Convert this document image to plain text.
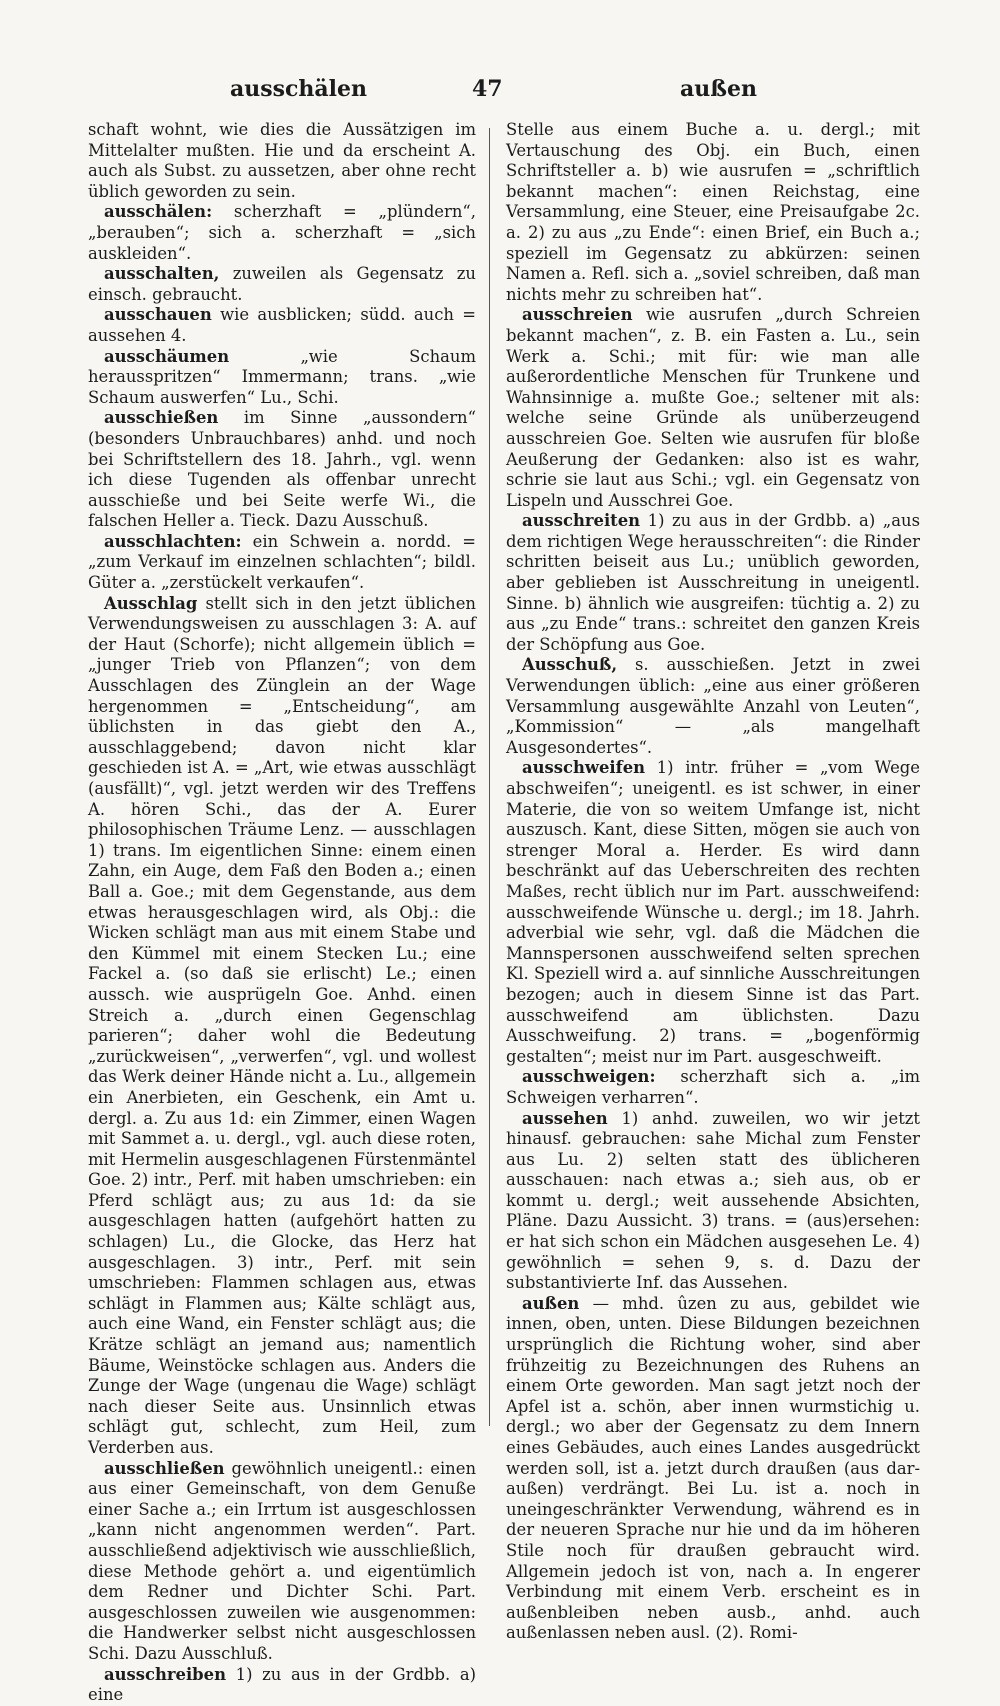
ausschälen	47	außen

schaft wohnt, wie dies die Aussätzigen im Mittelalter mußten. Hie und da erscheint A. auch als Subst. zu aussetzen, aber ohne recht üblich geworden zu sein.

ausschälen: scherzhaft = „plündern“, „berauben“; sich a. scherzhaft = „sich auskleiden“.

ausschalten, zuweilen als Gegensatz zu einsch. gebraucht.

ausschauen wie ausblicken; südd. auch = aussehen 4.

ausschäumen „wie Schaum herausspritzen“ Immermann; trans. „wie Schaum auswerfen“ Lu., Schi.

ausschießen im Sinne „aussondern“ (besonders Unbrauchbares) anhd. und noch bei Schriftstellern des 18. Jahrh., vgl. wenn ich diese Tugenden als offenbar unrecht ausschieße und bei Seite werfe Wi., die falschen Heller a. Tieck. Dazu Ausschuß.

ausschlachten: ein Schwein a. nordd. = „zum Verkauf im einzelnen schlachten“; bildl. Güter a. „zerstückelt verkaufen“.

Ausschlag stellt sich in den jetzt üblichen Verwendungsweisen zu ausschlagen 3: A. auf der Haut (Schorfe); nicht allgemein üblich = „junger Trieb von Pflanzen“; von dem Ausschlagen des Zünglein an der Wage hergenommen = „Entscheidung“, am üblichsten in das giebt den A., ausschlaggebend; davon nicht klar geschieden ist A. = „Art, wie etwas ausschlägt (ausfällt)“, vgl. jetzt werden wir des Treffens A. hören Schi., das der A. Eurer philosophischen Träume Lenz. — ausschlagen 1) trans. Im eigentlichen Sinne: einem einen Zahn, ein Auge, dem Faß den Boden a.; einen Ball a. Goe.; mit dem Gegenstande, aus dem etwas herausgeschlagen wird, als Obj.: die Wicken schlägt man aus mit einem Stabe und den Kümmel mit einem Stecken Lu.; eine Fackel a. (so daß sie erlischt) Le.; einen aussch. wie ausprügeln Goe. Anhd. einen Streich a. „durch einen Gegenschlag parieren“; daher wohl die Bedeutung „zurückweisen“, „verwerfen“, vgl. und wollest das Werk deiner Hände nicht a. Lu., allgemein ein Anerbieten, ein Geschenk, ein Amt u. dergl. a. Zu aus 1d: ein Zimmer, einen Wagen mit Sammet a. u. dergl., vgl. auch diese roten, mit Hermelin ausgeschlagenen Fürstenmäntel Goe. 2) intr., Perf. mit haben umschrieben: ein Pferd schlägt aus; zu aus 1d: da sie ausgeschlagen hatten (aufgehört hatten zu schlagen) Lu., die Glocke, das Herz hat ausgeschlagen. 3) intr., Perf. mit sein umschrieben: Flammen schlagen aus, etwas schlägt in Flammen aus; Kälte schlägt aus, auch eine Wand, ein Fenster schlägt aus; die Krätze schlägt an jemand aus; namentlich Bäume, Weinstöcke schlagen aus. Anders die Zunge der Wage (ungenau die Wage) schlägt nach dieser Seite aus. Unsinnlich etwas schlägt gut, schlecht, zum Heil, zum Verderben aus.

ausschließen gewöhnlich uneigentl.: einen aus einer Gemeinschaft, von dem Genuße einer Sache a.; ein Irrtum ist ausgeschlossen „kann nicht angenommen werden“. Part. ausschließend adjektivisch wie ausschließlich, diese Methode gehört a. und eigentümlich dem Redner und Dichter Schi. Part. ausgeschlossen zuweilen wie ausgenommen: die Handwerker selbst nicht ausgeschlossen Schi. Dazu Ausschluß.

ausschreiben 1) zu aus in der Grdbb. a) eine

Stelle aus einem Buche a. u. dergl.; mit Vertauschung des Obj. ein Buch, einen Schriftsteller a. b) wie ausrufen = „schriftlich bekannt machen“: einen Reichstag, eine Versammlung, eine Steuer, eine Preisaufgabe 2c. a. 2) zu aus „zu Ende“: einen Brief, ein Buch a.; speziell im Gegensatz zu abkürzen: seinen Namen a. Refl. sich a. „soviel schreiben, daß man nichts mehr zu schreiben hat“.

ausschreien wie ausrufen „durch Schreien bekannt machen“, z. B. ein Fasten a. Lu., sein Werk a. Schi.; mit für: wie man alle außerordentliche Menschen für Trunkene und Wahnsinnige a. mußte Goe.; seltener mit als: welche seine Gründe als unüberzeugend ausschreien Goe. Selten wie ausrufen für bloße Aeußerung der Gedanken: also ist es wahr, schrie sie laut aus Schi.; vgl. ein Gegensatz von Lispeln und Ausschrei Goe.

ausschreiten 1) zu aus in der Grdbb. a) „aus dem richtigen Wege herausschreiten“: die Rinder schritten beiseit aus Lu.; unüblich geworden, aber geblieben ist Ausschreitung in uneigentl. Sinne. b) ähnlich wie ausgreifen: tüchtig a. 2) zu aus „zu Ende“ trans.: schreitet den ganzen Kreis der Schöpfung aus Goe.

Ausschuß, s. ausschießen. Jetzt in zwei Verwendungen üblich: „eine aus einer größeren Versammlung ausgewählte Anzahl von Leuten“, „Kommission“ — „als mangelhaft Ausgesondertes“.

ausschweifen 1) intr. früher = „vom Wege abschweifen“; uneigentl. es ist schwer, in einer Materie, die von so weitem Umfange ist, nicht auszusch. Kant, diese Sitten, mögen sie auch von strenger Moral a. Herder. Es wird dann beschränkt auf das Ueberschreiten des rechten Maßes, recht üblich nur im Part. ausschweifend: ausschweifende Wünsche u. dergl.; im 18. Jahrh. adverbial wie sehr, vgl. daß die Mädchen die Mannspersonen ausschweifend selten sprechen Kl. Speziell wird a. auf sinnliche Ausschreitungen bezogen; auch in diesem Sinne ist das Part. ausschweifend am üblichsten. Dazu Ausschweifung. 2) trans. = „bogenförmig gestalten“; meist nur im Part. ausgeschweift.

ausschweigen: scherzhaft sich a. „im Schweigen verharren“.

aussehen 1) anhd. zuweilen, wo wir jetzt hinausf. gebrauchen: sahe Michal zum Fenster aus Lu. 2) selten statt des üblicheren ausschauen: nach etwas a.; sieh aus, ob er kommt u. dergl.; weit aussehende Absichten, Pläne. Dazu Aussicht. 3) trans. = (aus)ersehen: er hat sich schon ein Mädchen ausgesehen Le. 4) gewöhnlich = sehen 9, s. d. Dazu der substantivierte Inf. das Aussehen.

außen — mhd. ûzen zu aus, gebildet wie innen, oben, unten. Diese Bildungen bezeichnen ursprünglich die Richtung woher, sind aber frühzeitig zu Bezeichnungen des Ruhens an einem Orte geworden. Man sagt jetzt noch der Apfel ist a. schön, aber innen wurmstichig u. dergl.; wo aber der Gegensatz zu dem Innern eines Gebäudes, auch eines Landes ausgedrückt werden soll, ist a. jetzt durch draußen (aus dar-außen) verdrängt. Bei Lu. ist a. noch in uneingeschränkter Verwendung, während es in der neueren Sprache nur hie und da im höheren Stile noch für draußen gebraucht wird. Allgemein jedoch ist von, nach a. In engerer Verbindung mit einem Verb. erscheint es in außenbleiben neben ausb., anhd. auch außenlassen neben ausl. (2). Romi-
